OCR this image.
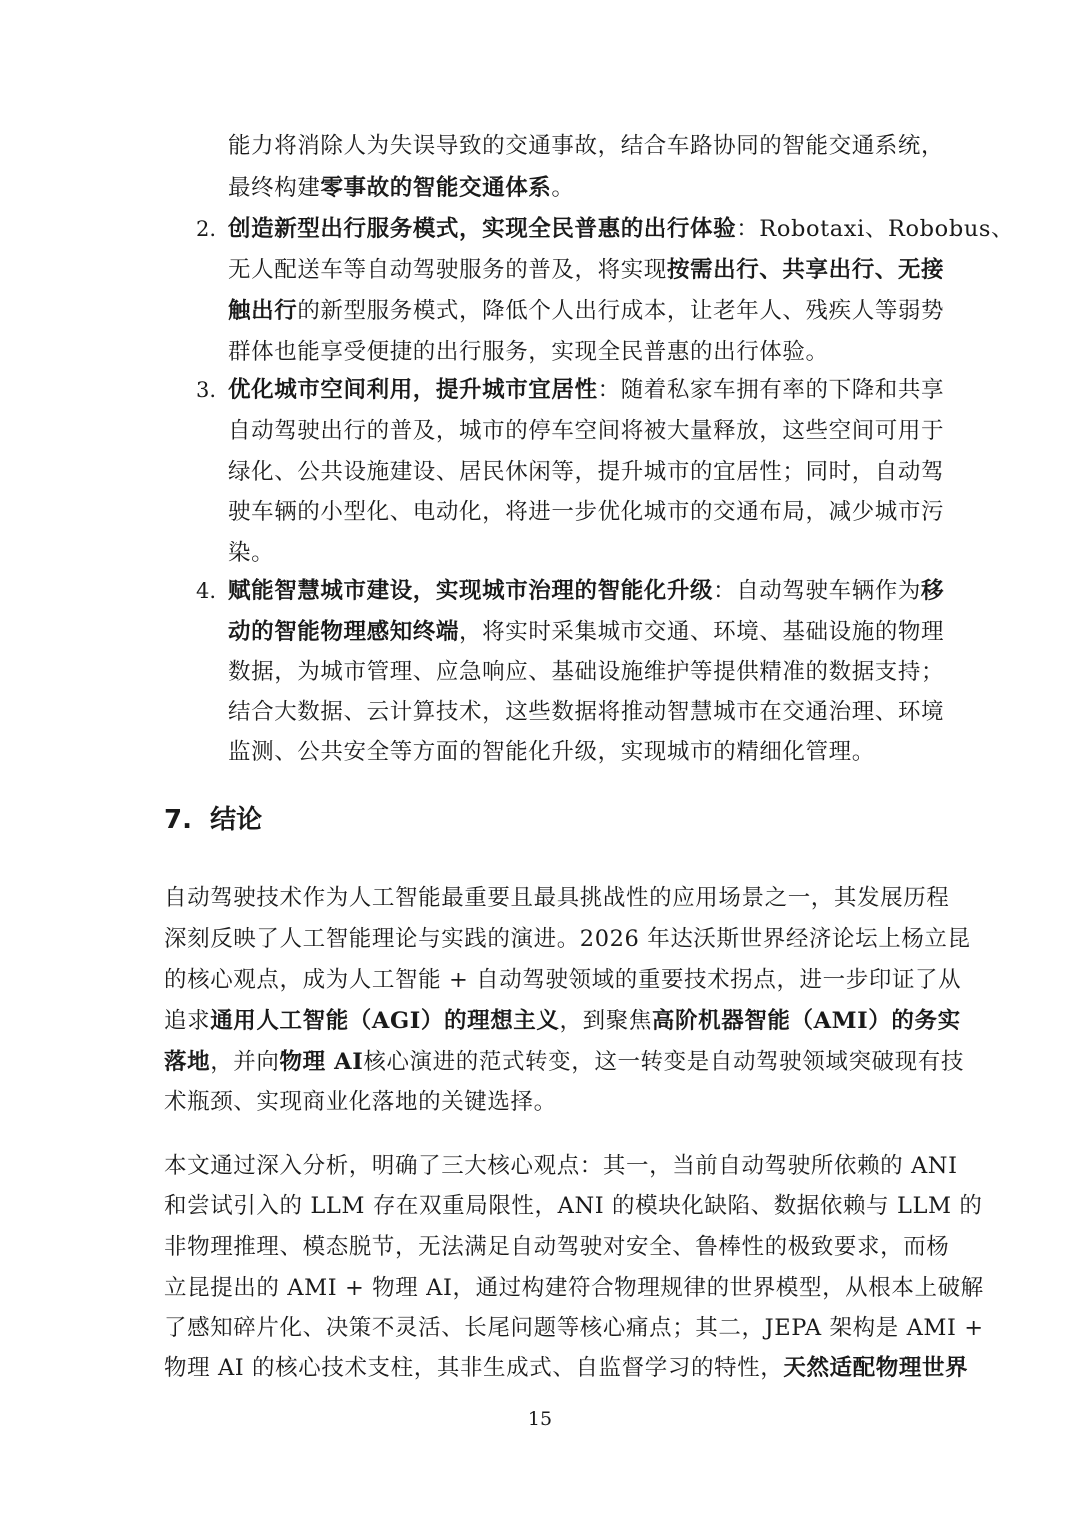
能力将消除人为失误导致的交通事故，结合车路协同的智能交通系统，
最终构建零事故的智能交通体系。
2. 创造新型出行服务模式，实现全民普惠的出行体验：Robotaxi、Robobus、
无人配送车等自动驾驶服务的普及，将实现按需出行、共享出行、无接
触出行的新型服务模式，降低个人出行成本，让老年人、残疾人等弱势
群体也能享受便捷的出行服务，实现全民普惠的出行体验。
3. 优化城市空间利用，提升城市宜居性：随着私家车拥有率的下降和共享
自动驾驶出行的普及，城市的停车空间将被大量释放，这些空间可用于
绿化、公共设施建设、居民休闲等，提升城市的宜居性；同时，自动驾
驶车辆的小型化、电动化，将进一步优化城市的交通布局，减少城市污
染。
4. 赋能智慧城市建设，实现城市治理的智能化升级：自动驾驶车辆作为移
动的智能物理感知终端，将实时采集城市交通、环境、基础设施的物理
数据，为城市管理、应急响应、基础设施维护等提供精准的数据支持；
结合大数据、云计算技术，这些数据将推动智慧城市在交通治理、环境
监测、公共安全等方面的智能化升级，实现城市的精细化管理。
7. 结论
自动驾驶技术作为人工智能最重要且最具挑战性的应用场景之一，其发展历程
深刻反映了人工智能理论与实践的演进。2026 年达沃斯世界经济论坛上杨立昆
的核心观点，成为人工智能 + 自动驾驶领域的重要技术拐点，进一步印证了从
追求通用人工智能（AGI）的理想主义，到聚焦高阶机器智能（AMI）的务实
落地，并向物理 AI核心演进的范式转变，这一转变是自动驾驶领域突破现有技
术瓶颈、实现商业化落地的关键选择。
本文通过深入分析，明确了三大核心观点：其一，当前自动驾驶所依赖的 ANI
和尝试引入的 LLM 存在双重局限性，ANI 的模块化缺陷、数据依赖与 LLM 的
非物理推理、模态脱节，无法满足自动驾驶对安全、鲁棒性的极致要求，而杨
立昆提出的 AMI + 物理 AI，通过构建符合物理规律的世界模型，从根本上破解
了感知碎片化、决策不灵活、长尾问题等核心痛点；其二，JEPA 架构是 AMI +
物理 AI 的核心技术支柱，其非生成式、自监督学习的特性，天然适配物理世界
15
